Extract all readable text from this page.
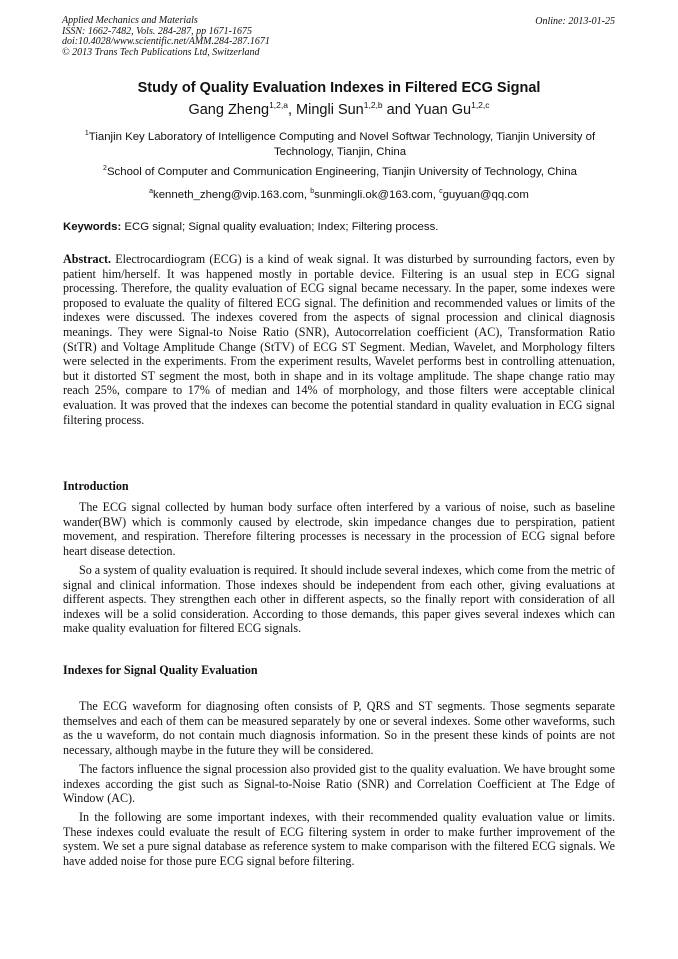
Applied Mechanics and Materials
ISSN: 1662-7482, Vols. 284-287, pp 1671-1675
doi:10.4028/www.scientific.net/AMM.284-287.1671
© 2013 Trans Tech Publications Ltd, Switzerland
Online: 2013-01-25
Study of Quality Evaluation Indexes in Filtered ECG Signal
Gang Zheng$^{1,2,a}$, Mingli Sun$^{1,2,b}$ and Yuan Gu$^{1,2,c}$
$^1$Tianjin Key Laboratory of Intelligence Computing and Novel Softwar Technology, Tianjin University of Technology, Tianjin, China
$^2$School of Computer and Communication Engineering, Tianjin University of Technology, China
$^a$kenneth_zheng@vip.163.com, $^b$sunmingli.ok@163.com, $^c$guyuan@qq.com
Keywords: ECG signal; Signal quality evaluation; Index; Filtering process.
Abstract. Electrocardiogram (ECG) is a kind of weak signal. It was disturbed by surrounding factors, even by patient him/herself. It was happened mostly in portable device. Filtering is an usual step in ECG signal processing. Therefore, the quality evaluation of ECG signal became necessary. In the paper, some indexes were proposed to evaluate the quality of filtered ECG signal. The definition and recommended values or limits of the indexes were discussed. The indexes covered from the aspects of signal procession and clinical diagnosis meanings. They were Signal-to Noise Ratio (SNR), Autocorrelation coefficient (AC), Transformation Ratio (StTR) and Voltage Amplitude Change (StTV) of ECG ST Segment. Median, Wavelet, and Morphology filters were selected in the experiments. From the experiment results, Wavelet performs best in controlling attenuation, but it distorted ST segment the most, both in shape and in its voltage amplitude. The shape change ratio may reach 25%, compare to 17% of median and 14% of morphology, and those filters were acceptable clinical evaluation. It was proved that the indexes can become the potential standard in quality evaluation in ECG signal filtering process.
Introduction
The ECG signal collected by human body surface often interfered by a various of noise, such as baseline wander(BW) which is commonly caused by electrode, skin impedance changes due to perspiration, patient movement, and respiration. Therefore filtering processes is necessary in the procession of ECG signal before heart disease detection.
So a system of quality evaluation is required. It should include several indexes, which come from the metric of signal and clinical information. Those indexes should be independent from each other, giving evaluations at different aspects. They strengthen each other in different aspects, so the finally report with consideration of all indexes will be a solid consideration. According to those demands, this paper gives several indexes which can make quality evaluation for filtered ECG signals.
Indexes for Signal Quality Evaluation
The ECG waveform for diagnosing often consists of P, QRS and ST segments. Those segments separate themselves and each of them can be measured separately by one or several indexes. Some other waveforms, such as the u waveform, do not contain much diagnosis information. So in the present these kinds of points are not necessary, although maybe in the future they will be considered.
The factors influence the signal procession also provided gist to the quality evaluation. We have brought some indexes according the gist such as Signal-to-Noise Ratio (SNR) and Correlation Coefficient at The Edge of Window (AC).
In the following are some important indexes, with their recommended quality evaluation value or limits. These indexes could evaluate the result of ECG filtering system in order to make further improvement of the system. We set a pure signal database as reference system to make comparison with the filtered ECG signals. We have added noise for those pure ECG signal before filtering.
